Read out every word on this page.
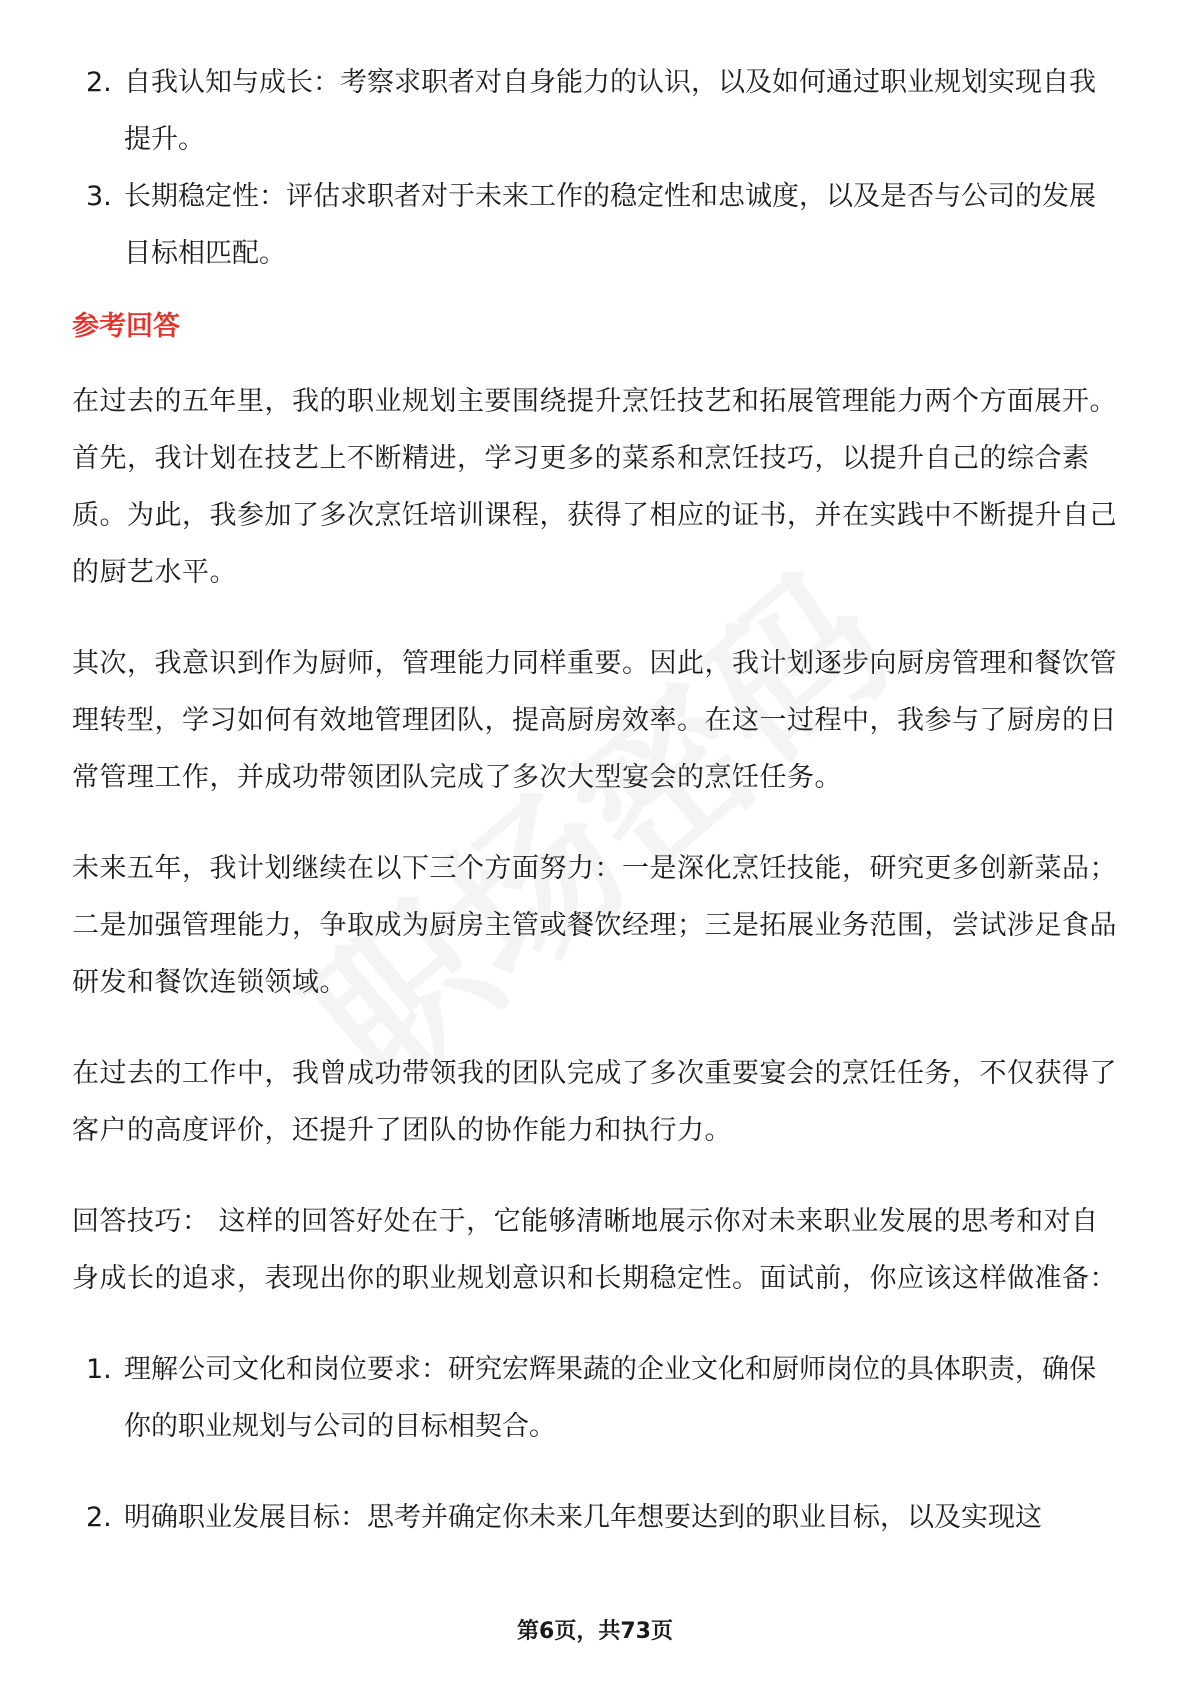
2. 自我认知与成长：考察求职者对自身能力的认识，以及如何通过职业规划实现自我提升。
3. 长期稳定性：评估求职者对于未来工作的稳定性和忠诚度，以及是否与公司的发展目标相匹配。
参考回答

在过去的五年里，我的职业规划主要围绕提升烹饪技艺和拓展管理能力两个方面展开。首先，我计划在技艺上不断精进，学习更多的菜系和烹饪技巧，以提升自己的综合素质。为此，我参加了多次烹饪培训课程，获得了相应的证书，并在实践中不断提升自己的厨艺水平。

其次，我意识到作为厨师，管理能力同样重要。因此，我计划逐步向厨房管理和餐饮管理转型，学习如何有效地管理团队，提高厨房效率。在这一过程中，我参与了厨房的日常管理工作，并成功带领团队完成了多次大型宴会的烹饪任务。

未来五年，我计划继续在以下三个方面努力：一是深化烹饪技能，研究更多创新菜品；二是加强管理能力，争取成为厨房主管或餐饮经理；三是拓展业务范围，尝试涉足食品研发和餐饮连锁领域。

在过去的工作中，我曾成功带领我的团队完成了多次重要宴会的烹饪任务，不仅获得了客户的高度评价，还提升了团队的协作能力和执行力。

回答技巧： 这样的回答好处在于，它能够清晰地展示你对未来职业发展的思考和对自身成长的追求，表现出你的职业规划意识和长期稳定性。面试前，你应该这样做准备：

1. 理解公司文化和岗位要求：研究宏辉果蔬的企业文化和厨师岗位的具体职责，确保你的职业规划与公司的目标相契合。
2. 明确职业发展目标：思考并确定你未来几年想要达到的职业目标，以及实现这
第6页，共73页
